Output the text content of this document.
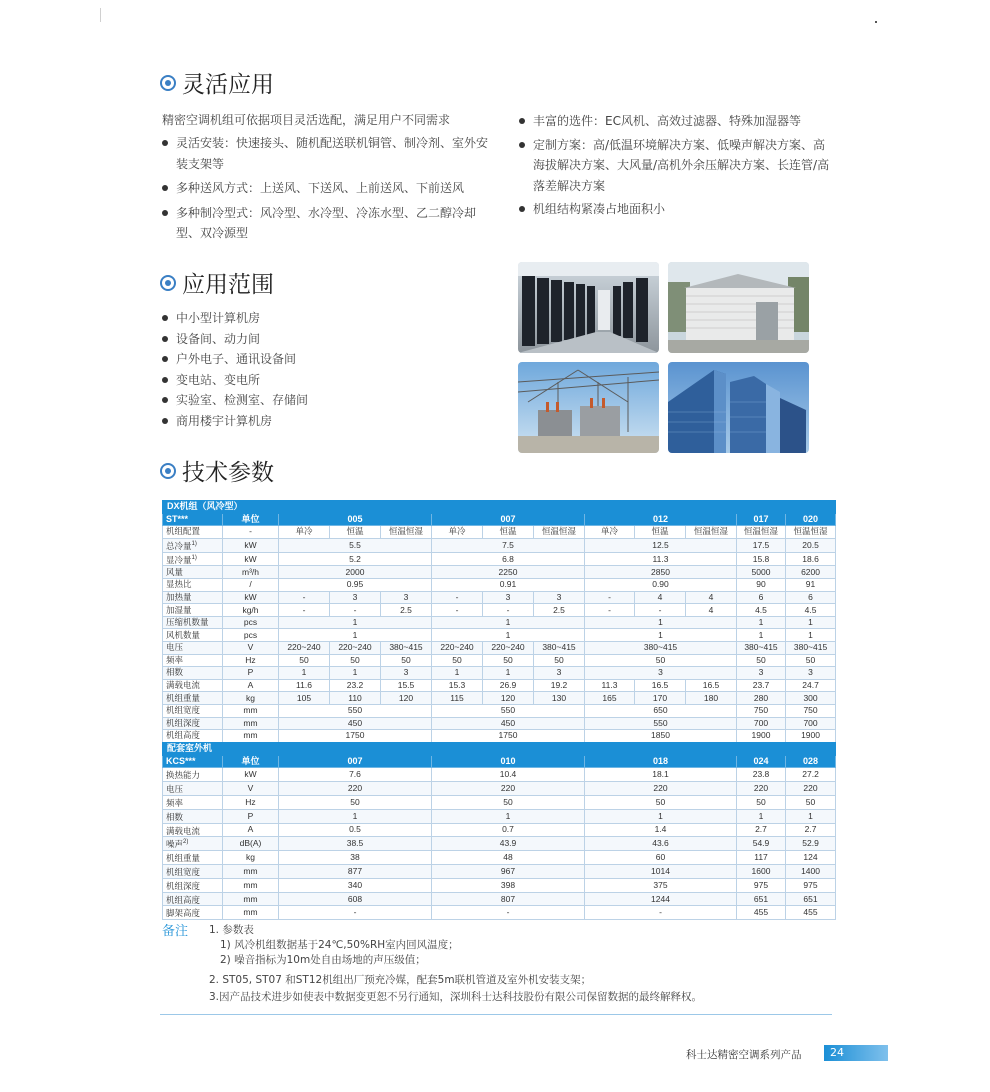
灵活应用
精密空调机组可依据项目灵活选配，满足用户不同需求
灵活安装：快速接头、随机配送联机铜管、制冷剂、室外安装支架等
多种送风方式：上送风、下送风、上前送风、下前送风
多种制冷型式：风冷型、水冷型、冷冻水型、乙二醇冷却型、双冷源型
丰富的选件：EC风机、高效过滤器、特殊加湿器等
定制方案：高/低温环境解决方案、低噪声解决方案、高海拔解决方案、大风量/高机外余压解决方案、长连管/高落差解决方案
机组结构紧凑占地面积小
应用范围
中小型计算机房
设备间、动力间
户外电子、通讯设备间
变电站、变电所
实验室、检测室、存储间
商用楼宇计算机房
技术参数
DX机组（风冷型）												
ST***	单位	005			007			012			017	020
机组配置	-	单冷	恒温	恒温恒湿	单冷	恒温	恒温恒湿	单冷	恒温	恒温恒湿	恒温恒湿	恒温恒湿
总冷量$^{1)}$	kW	5.5			7.5			12.5			17.5	20.5
显冷量$^{1)}$	kW	5.2			6.8			11.3			15.8	18.6
风量	m³/h	2000			2250			2850			5000	6200
显热比	/	0.95			0.91			0.90			90	91
加热量	kW	-	3	3	-	3	3	-	4	4	6	6
加湿量	kg/h	-	-	2.5	-	-	2.5	-	-	4	4.5	4.5
压缩机数量	pcs	1			1			1			1	1
风机数量	pcs	1			1			1			1	1
电压	V	220~240	220~240	380~415	220~240	220~240	380~415	380~415			380~415	380~415
频率	Hz	50	50	50	50	50	50	50			50	50
相数	P	1	1	3	1	1	3	3			3	3
满载电流	A	11.6	23.2	15.5	15.3	26.9	19.2	11.3	16.5	16.5	23.7	24.7
机组重量	kg	105	110	120	115	120	130	165	170	180	280	300
机组宽度	mm	550			550			650			750	750
机组深度	mm	450			450			550			700	700
机组高度	mm	1750			1750			1850			1900	1900
配套室外机						
KCS***	单位	007	010	018	024	028
换热能力	kW	7.6	10.4	18.1	23.8	27.2
电压	V	220	220	220	220	220
频率	Hz	50	50	50	50	50
相数	P	1	1	1	1	1
满载电流	A	0.5	0.7	1.4	2.7	2.7
噪声$^{2)}$	dB(A)	38.5	43.9	43.6	54.9	52.9
机组重量	kg	38	48	60	117	124
机组宽度	mm	877	967	1014	1600	1400
机组深度	mm	340	398	375	975	975
机组高度	mm	608	807	1244	651	651
脚架高度	mm	-	-	-	455	455
备注 1. 参数表
1) 风冷机组数据基于24℃,50%RH室内回风温度；
2) 噪音指标为10m处自由场地的声压级值；
2. ST05, ST07 和ST12机组出厂预充冷媒，配套5m联机管道及室外机安装支架；
3.因产品技术进步如使表中数据变更恕不另行通知，深圳科士达科技股份有限公司保留数据的最终解释权。
科士达精密空调系列产品	24
